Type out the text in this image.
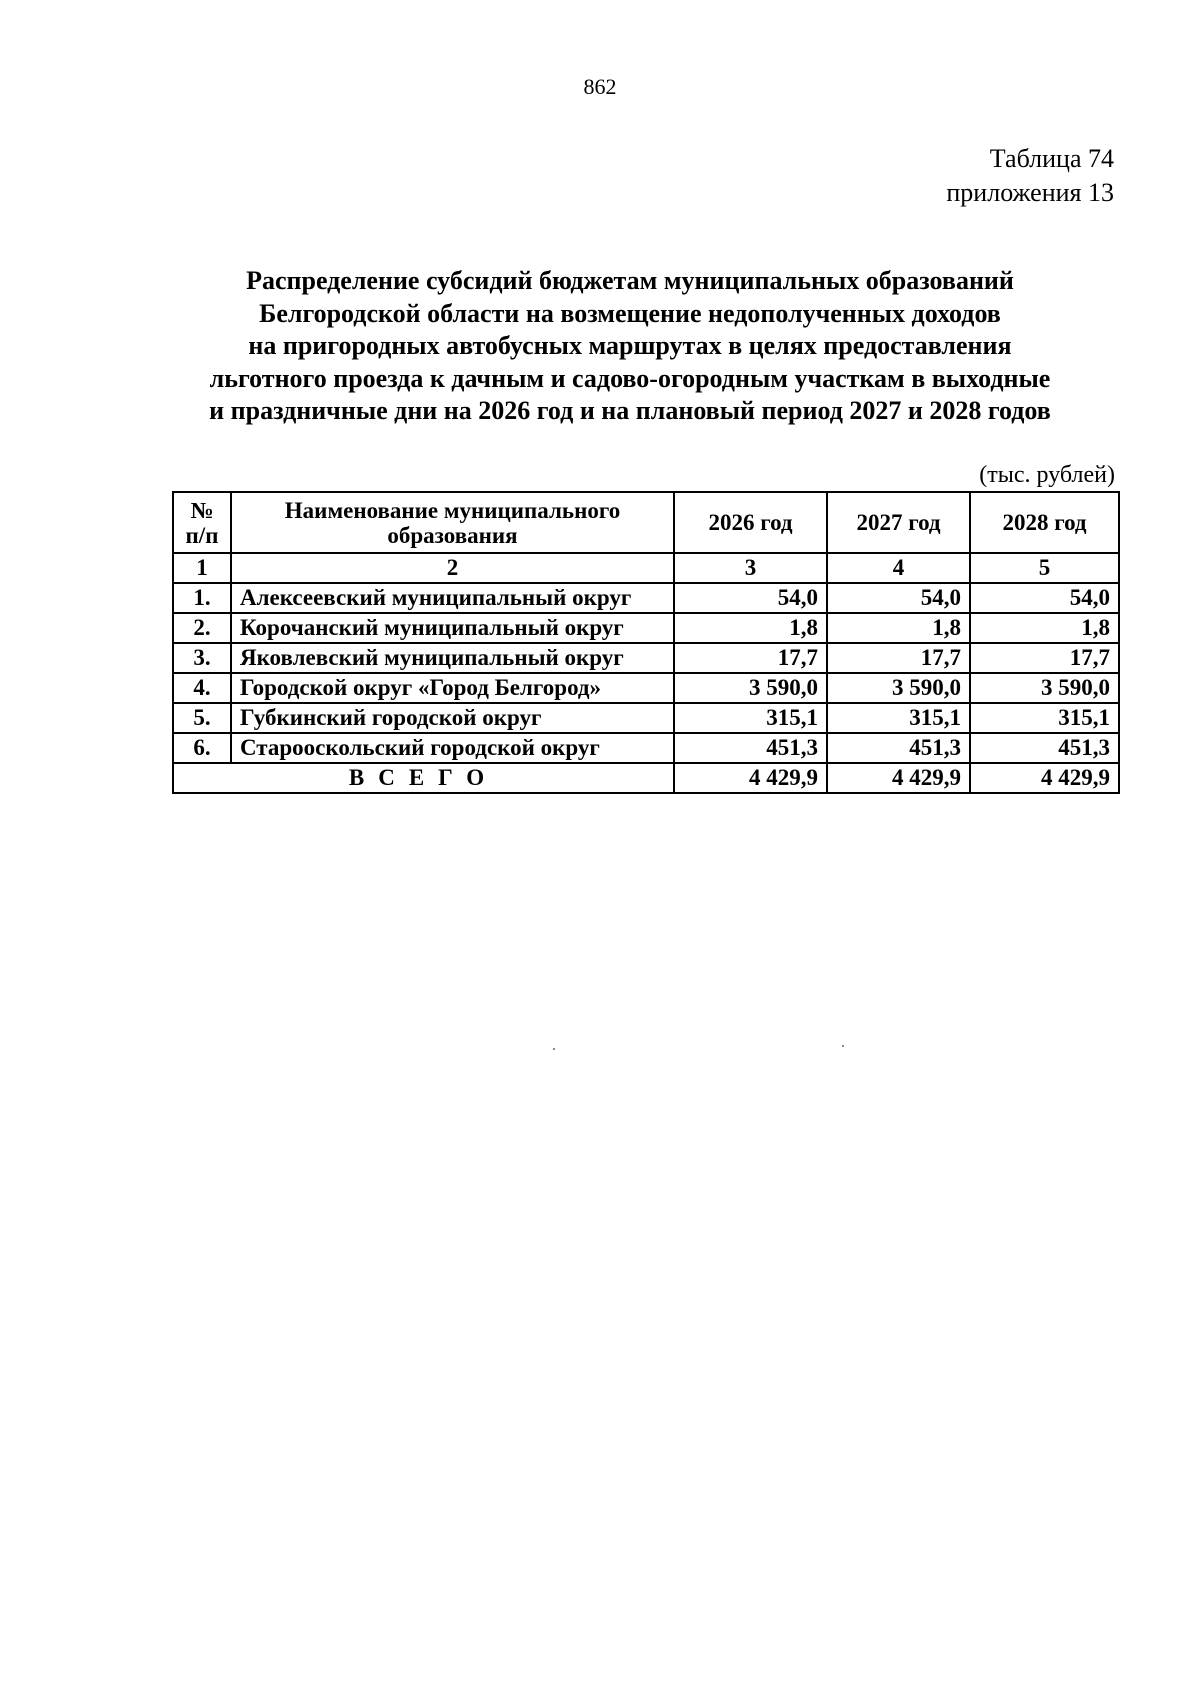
862
Таблица 74
приложения 13
Распределение субсидий бюджетам муниципальных образований
Белгородской области на возмещение недополученных доходов
на пригородных автобусных маршрутах в целях предоставления
льготного проезда к дачным и садово-огородным участкам в выходные
и праздничные дни на 2026 год и на плановый период 2027 и 2028 годов
(тыс. рублей)
№ п/п	Наименование муниципального образования	2026 год	2027 год	2028 год
1	2	3	4	5
1.	Алексеевский муниципальный округ	54,0	54,0	54,0
2.	Корочанский муниципальный округ	1,8	1,8	1,8
3.	Яковлевский муниципальный округ	17,7	17,7	17,7
4.	Городской округ «Город Белгород»	3 590,0	3 590,0	3 590,0
5.	Губкинский городской округ	315,1	315,1	315,1
6.	Старооскольский городской округ	451,3	451,3	451,3
ВСЕГО		4 429,9	4 429,9	4 429,9
